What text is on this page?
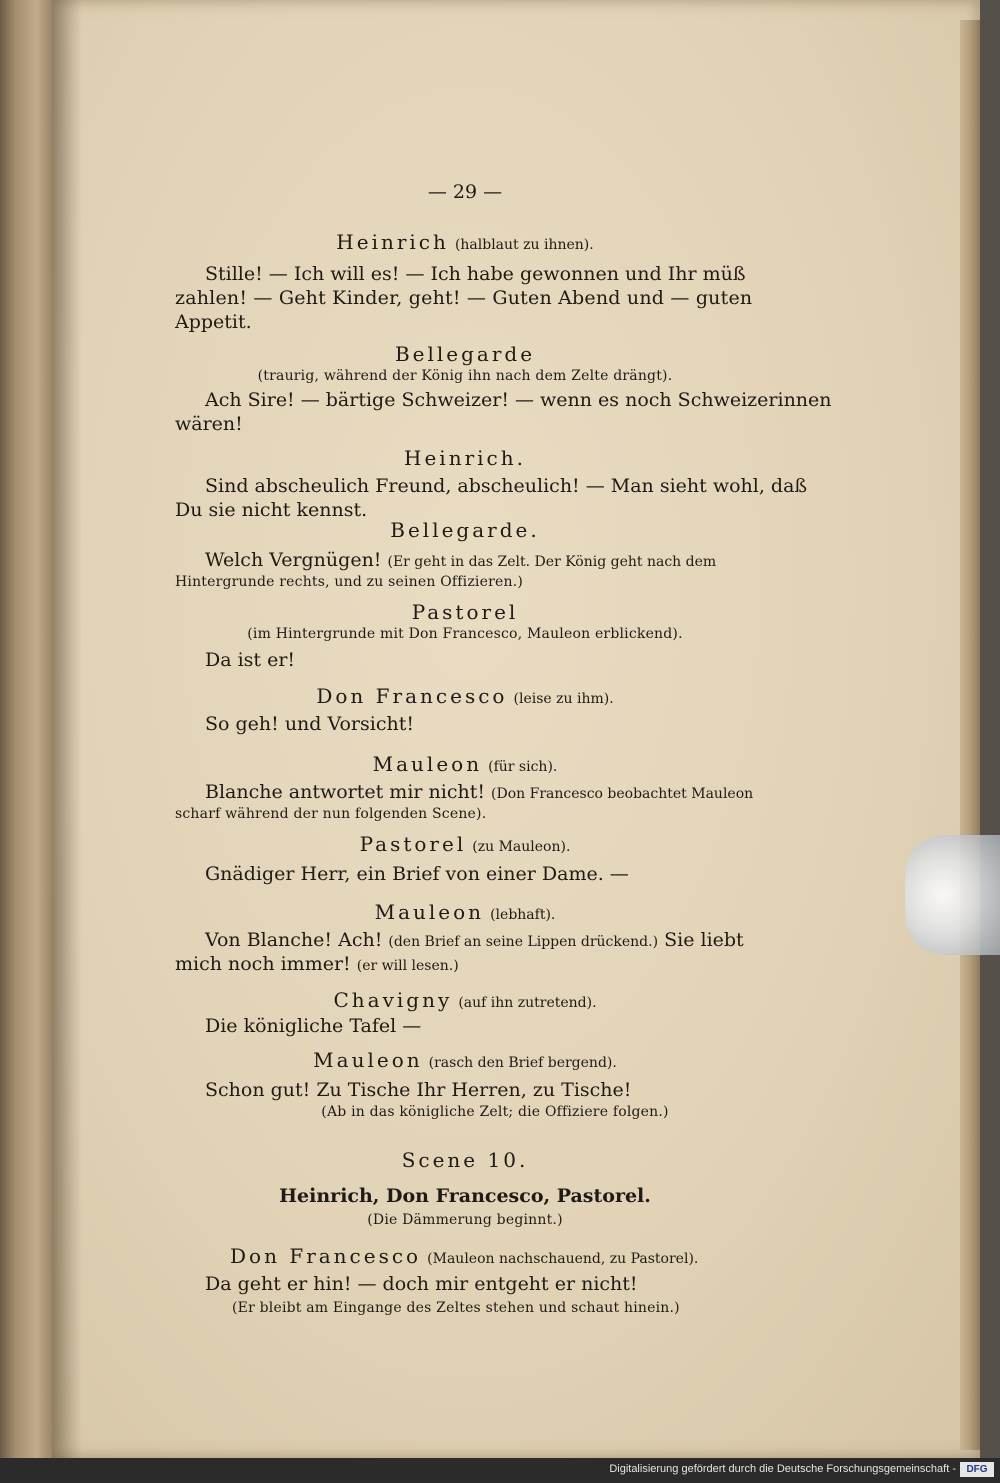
— 29 —
Heinrich (halblaut zu ihnen).
Stille! — Ich will es! — Ich habe gewonnen und Ihr müß
zahlen! — Geht Kinder, geht! — Guten Abend und — guten
Appetit.
Bellegarde
(traurig, während der König ihn nach dem Zelte drängt).
Ach Sire! — bärtige Schweizer! — wenn es noch Schweizerinnen
wären!
Heinrich.
Sind abscheulich Freund, abscheulich! — Man sieht wohl, daß
Du sie nicht kennst.
Bellegarde.
Welch Vergnügen! (Er geht in das Zelt. Der König geht nach dem
Hintergrunde rechts, und zu seinen Offizieren.)
Pastorel
(im Hintergrunde mit Don Francesco, Mauleon erblickend).
Da ist er!
Don Francesco (leise zu ihm).
So geh! und Vorsicht!
Mauleon (für sich).
Blanche antwortet mir nicht! (Don Francesco beobachtet Mauleon
scharf während der nun folgenden Scene).
Pastorel (zu Mauleon).
Gnädiger Herr, ein Brief von einer Dame. —
Mauleon (lebhaft).
Von Blanche! Ach! (den Brief an seine Lippen drückend.) Sie liebt
mich noch immer! (er will lesen.)
Chavigny (auf ihn zutretend).
Die königliche Tafel —
Mauleon (rasch den Brief bergend).
Schon gut! Zu Tische Ihr Herren, zu Tische!
(Ab in das königliche Zelt; die Offiziere folgen.)
Scene 10.
Heinrich, Don Francesco, Pastorel.
(Die Dämmerung beginnt.)
Don Francesco (Mauleon nachschauend, zu Pastorel).
Da geht er hin! — doch mir entgeht er nicht!
(Er bleibt am Eingange des Zeltes stehen und schaut hinein.)
Digitalisierung gefördert durch die Deutsche Forschungsgemeinschaft -	DFG
